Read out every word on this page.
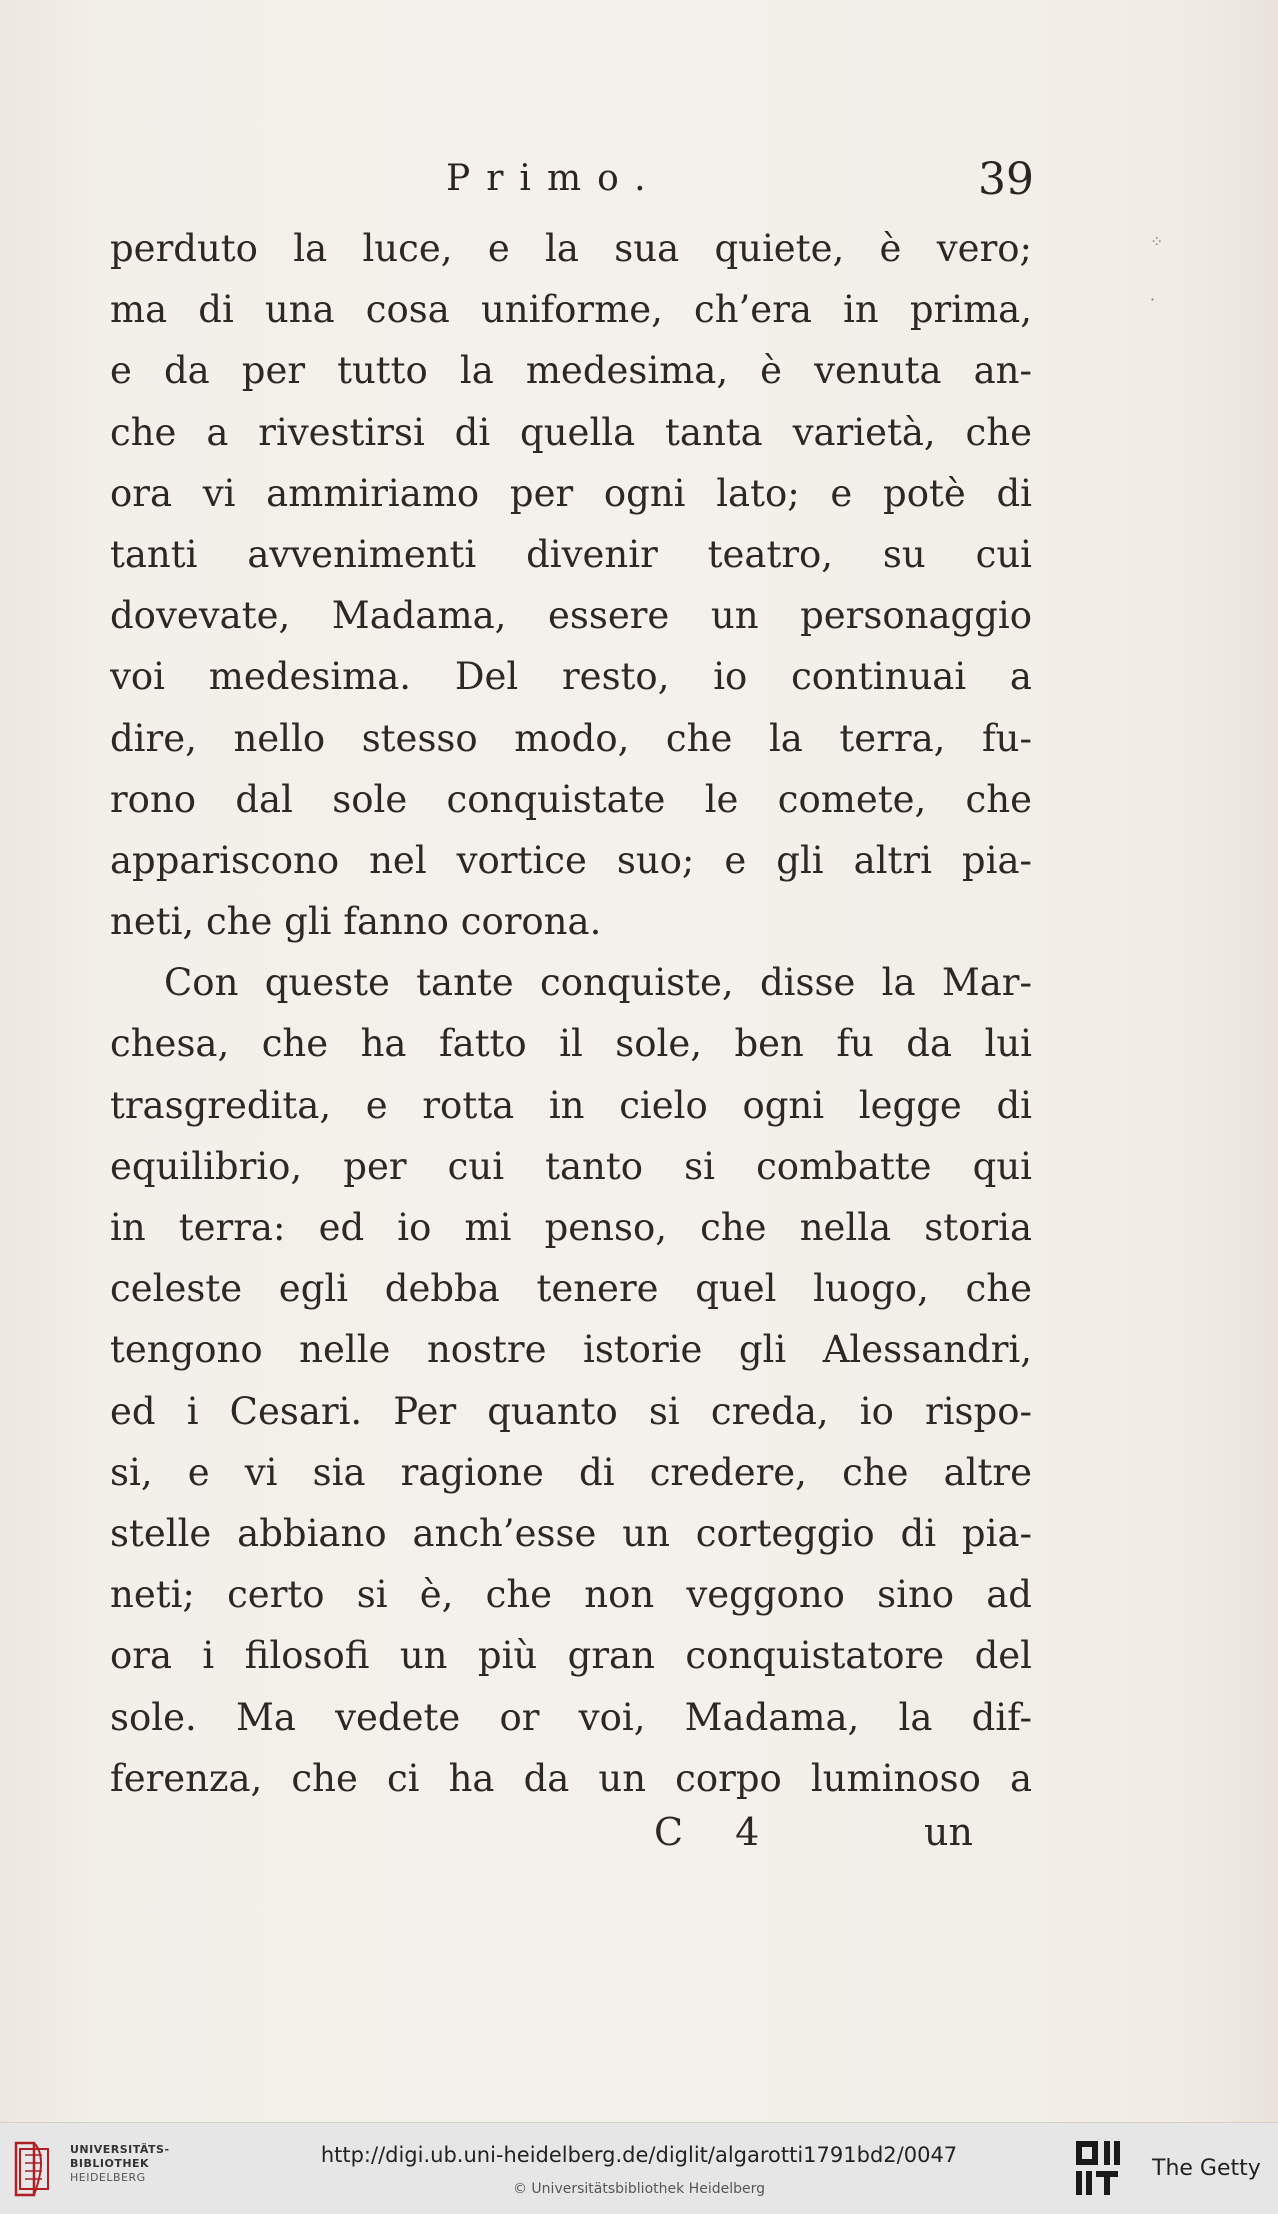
Primo.	39
⁘
·
perduto la luce, e la sua quiete, è vero;
ma di una cosa uniforme, ch’era in prima,
e da per tutto la medesima, è venuta an-
che a rivestirsi di quella tanta varietà, che
ora vi ammiriamo per ogni lato; e potè di
tanti avvenimenti divenir teatro, su cui
dovevate, Madama, essere un personaggio
voi medesima. Del resto, io continuai a
dire, nello stesso modo, che la terra, fu-
rono dal sole conquistate le comete, che
appariscono nel vortice suo; e gli altri pia-
neti, che gli fanno corona.
Con queste tante conquiste, disse la Mar-
chesa, che ha fatto il sole, ben fu da lui
trasgredita, e rotta in cielo ogni legge di
equilibrio, per cui tanto si combatte qui
in terra: ed io mi penso, che nella storia
celeste egli debba tenere quel luogo, che
tengono nelle nostre istorie gli Alessandri,
ed i Cesari. Per quanto si creda, io rispo-
si, e vi sia ragione di credere, che altre
stelle abbiano anch’esse un corteggio di pia-
neti; certo si è, che non veggono sino ad
ora i filosofi un più gran conquistatore del
sole. Ma vedete or voi, Madama, la dif-
ferenza, che ci ha da un corpo luminoso a
C 4	un
UNIVERSITÄTS-
BIBLIOTHEK
HEIDELBERG
http://digi.ub.uni-heidelberg.de/diglit/algarotti1791bd2/0047
© Universitätsbibliothek Heidelberg
The Getty
